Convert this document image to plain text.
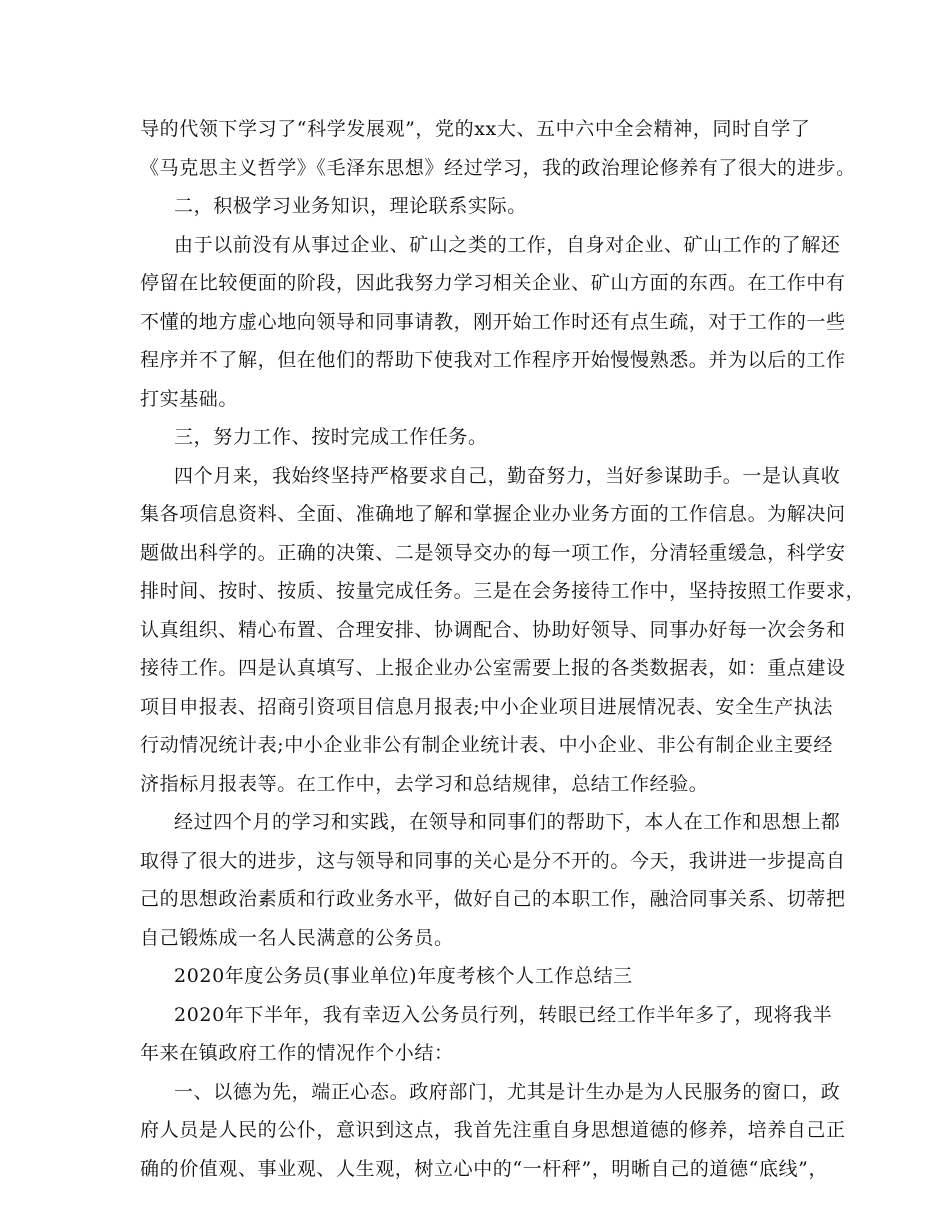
导的代领下学习了“科学发展观”，党的xx大、五中六中全会精神，同时自学了
《马克思主义哲学》《毛泽东思想》经过学习，我的政治理论修养有了很大的进步。
二，积极学习业务知识，理论联系实际。
由于以前没有从事过企业、矿山之类的工作，自身对企业、矿山工作的了解还
停留在比较便面的阶段，因此我努力学习相关企业、矿山方面的东西。在工作中有
不懂的地方虚心地向领导和同事请教，刚开始工作时还有点生疏，对于工作的一些
程序并不了解，但在他们的帮助下使我对工作程序开始慢慢熟悉。并为以后的工作
打实基础。
三，努力工作、按时完成工作任务。
四个月来，我始终坚持严格要求自己，勤奋努力，当好参谋助手。一是认真收
集各项信息资料、全面、准确地了解和掌握企业办业务方面的工作信息。为解决问
题做出科学的。正确的决策、二是领导交办的每一项工作，分清轻重缓急，科学安
排时间、按时、按质、按量完成任务。三是在会务接待工作中，坚持按照工作要求，
认真组织、精心布置、合理安排、协调配合、协助好领导、同事办好每一次会务和
接待工作。四是认真填写、上报企业办公室需要上报的各类数据表，如：重点建设
项目申报表、招商引资项目信息月报表;中小企业项目进展情况表、安全生产执法
行动情况统计表;中小企业非公有制企业统计表、中小企业、非公有制企业主要经
济指标月报表等。在工作中，去学习和总结规律，总结工作经验。
经过四个月的学习和实践，在领导和同事们的帮助下，本人在工作和思想上都
取得了很大的进步，这与领导和同事的关心是分不开的。今天，我讲进一步提高自
己的思想政治素质和行政业务水平，做好自己的本职工作，融洽同事关系、切蒂把
自己锻炼成一名人民满意的公务员。
2020年度公务员(事业单位)年度考核个人工作总结三
2020年下半年，我有幸迈入公务员行列，转眼已经工作半年多了，现将我半
年来在镇政府工作的情况作个小结：
一、以德为先，端正心态。政府部门，尤其是计生办是为人民服务的窗口，政
府人员是人民的公仆，意识到这点，我首先注重自身思想道德的修养，培养自己正
确的价值观、事业观、人生观，树立心中的“一杆秤”，明晰自己的道德“底线”，
